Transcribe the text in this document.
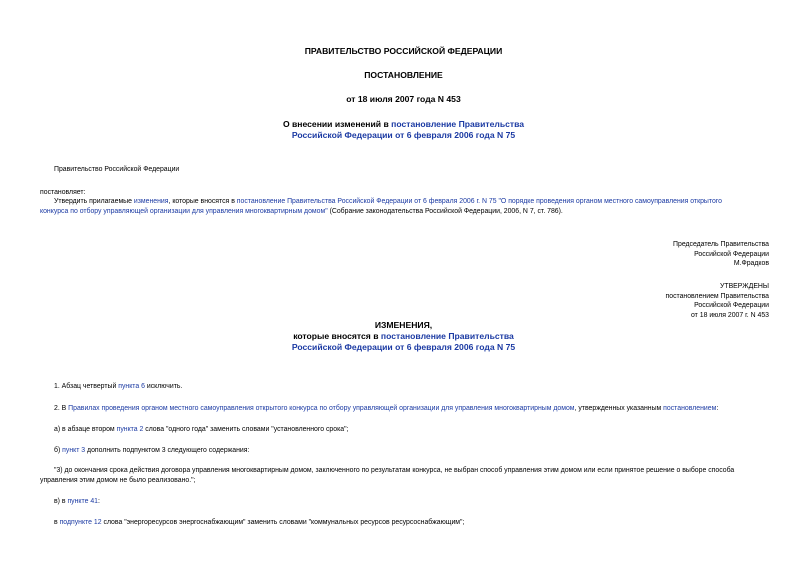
ПРАВИТЕЛЬСТВО РОССИЙСКОЙ ФЕДЕРАЦИИ
ПОСТАНОВЛЕНИЕ
от 18 июля 2007 года N 453
О внесении изменений в постановление Правительства
Российской Федерации от 6 февраля 2006 года N 75
Правительство Российской Федерации
постановляет:
Утвердить прилагаемые изменения, которые вносятся в постановление Правительства Российской Федерации от 6 февраля 2006 г. N 75 "О порядке проведения органом местного самоуправления открытого
конкурса по отбору управляющей организации для управления многоквартирным домом" (Собрание законодательства Российской Федерации, 2006, N 7, ст. 786).
Председатель Правительства
Российской Федерации
М.Фрадков
УТВЕРЖДЕНЫ
постановлением Правительства
Российской Федерации
от 18 июля 2007 г. N 453
ИЗМЕНЕНИЯ,
которые вносятся в постановление Правительства
Российской Федерации от 6 февраля 2006 года N 75
1. Абзац четвертый пункта 6 исключить.
2. В Правилах проведения органом местного самоуправления открытого конкурса по отбору управляющей организации для управления многоквартирным домом, утвержденных указанным постановлением:
а) в абзаце втором пункта 2 слова "одного года" заменить словами "установленного срока";
б) пункт 3 дополнить подпунктом 3 следующего содержания:
"3) до окончания срока действия договора управления многоквартирным домом, заключенного по результатам конкурса, не выбран способ управления этим домом или если принятое решение о выборе способа
управления этим домом не было реализовано.";
в) в пункте 41:
в подпункте 12 слова "энергоресурсов энергоснабжающим" заменить словами "коммунальных ресурсов ресурсоснабжающим";
